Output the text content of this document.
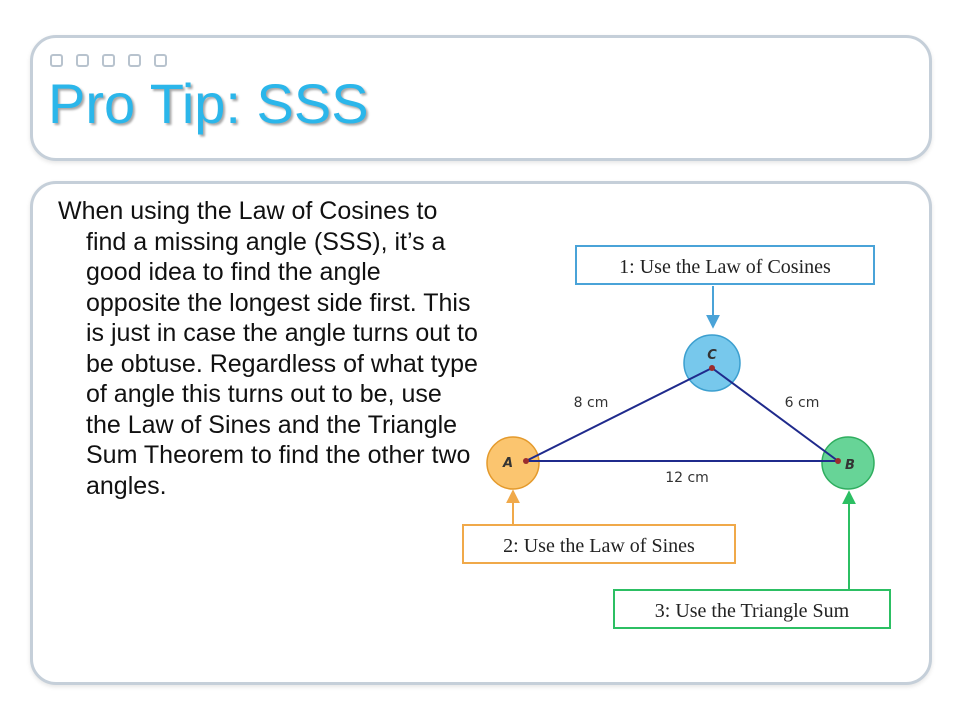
Pro Tip: SSS

When using the Law of Cosines to find a missing angle (SSS), it’s a good idea to find the angle opposite the longest side first. This is just in case the angle turns out to be obtuse. Regardless of what type of angle this turns out to be, use the Law of Sines and the Triangle Sum Theorem to find the other two angles.

C
A	B
8 cm	6 cm
12 cm
1: Use the Law of Cosines
2: Use the Law of Sines
3: Use the Triangle Sum
